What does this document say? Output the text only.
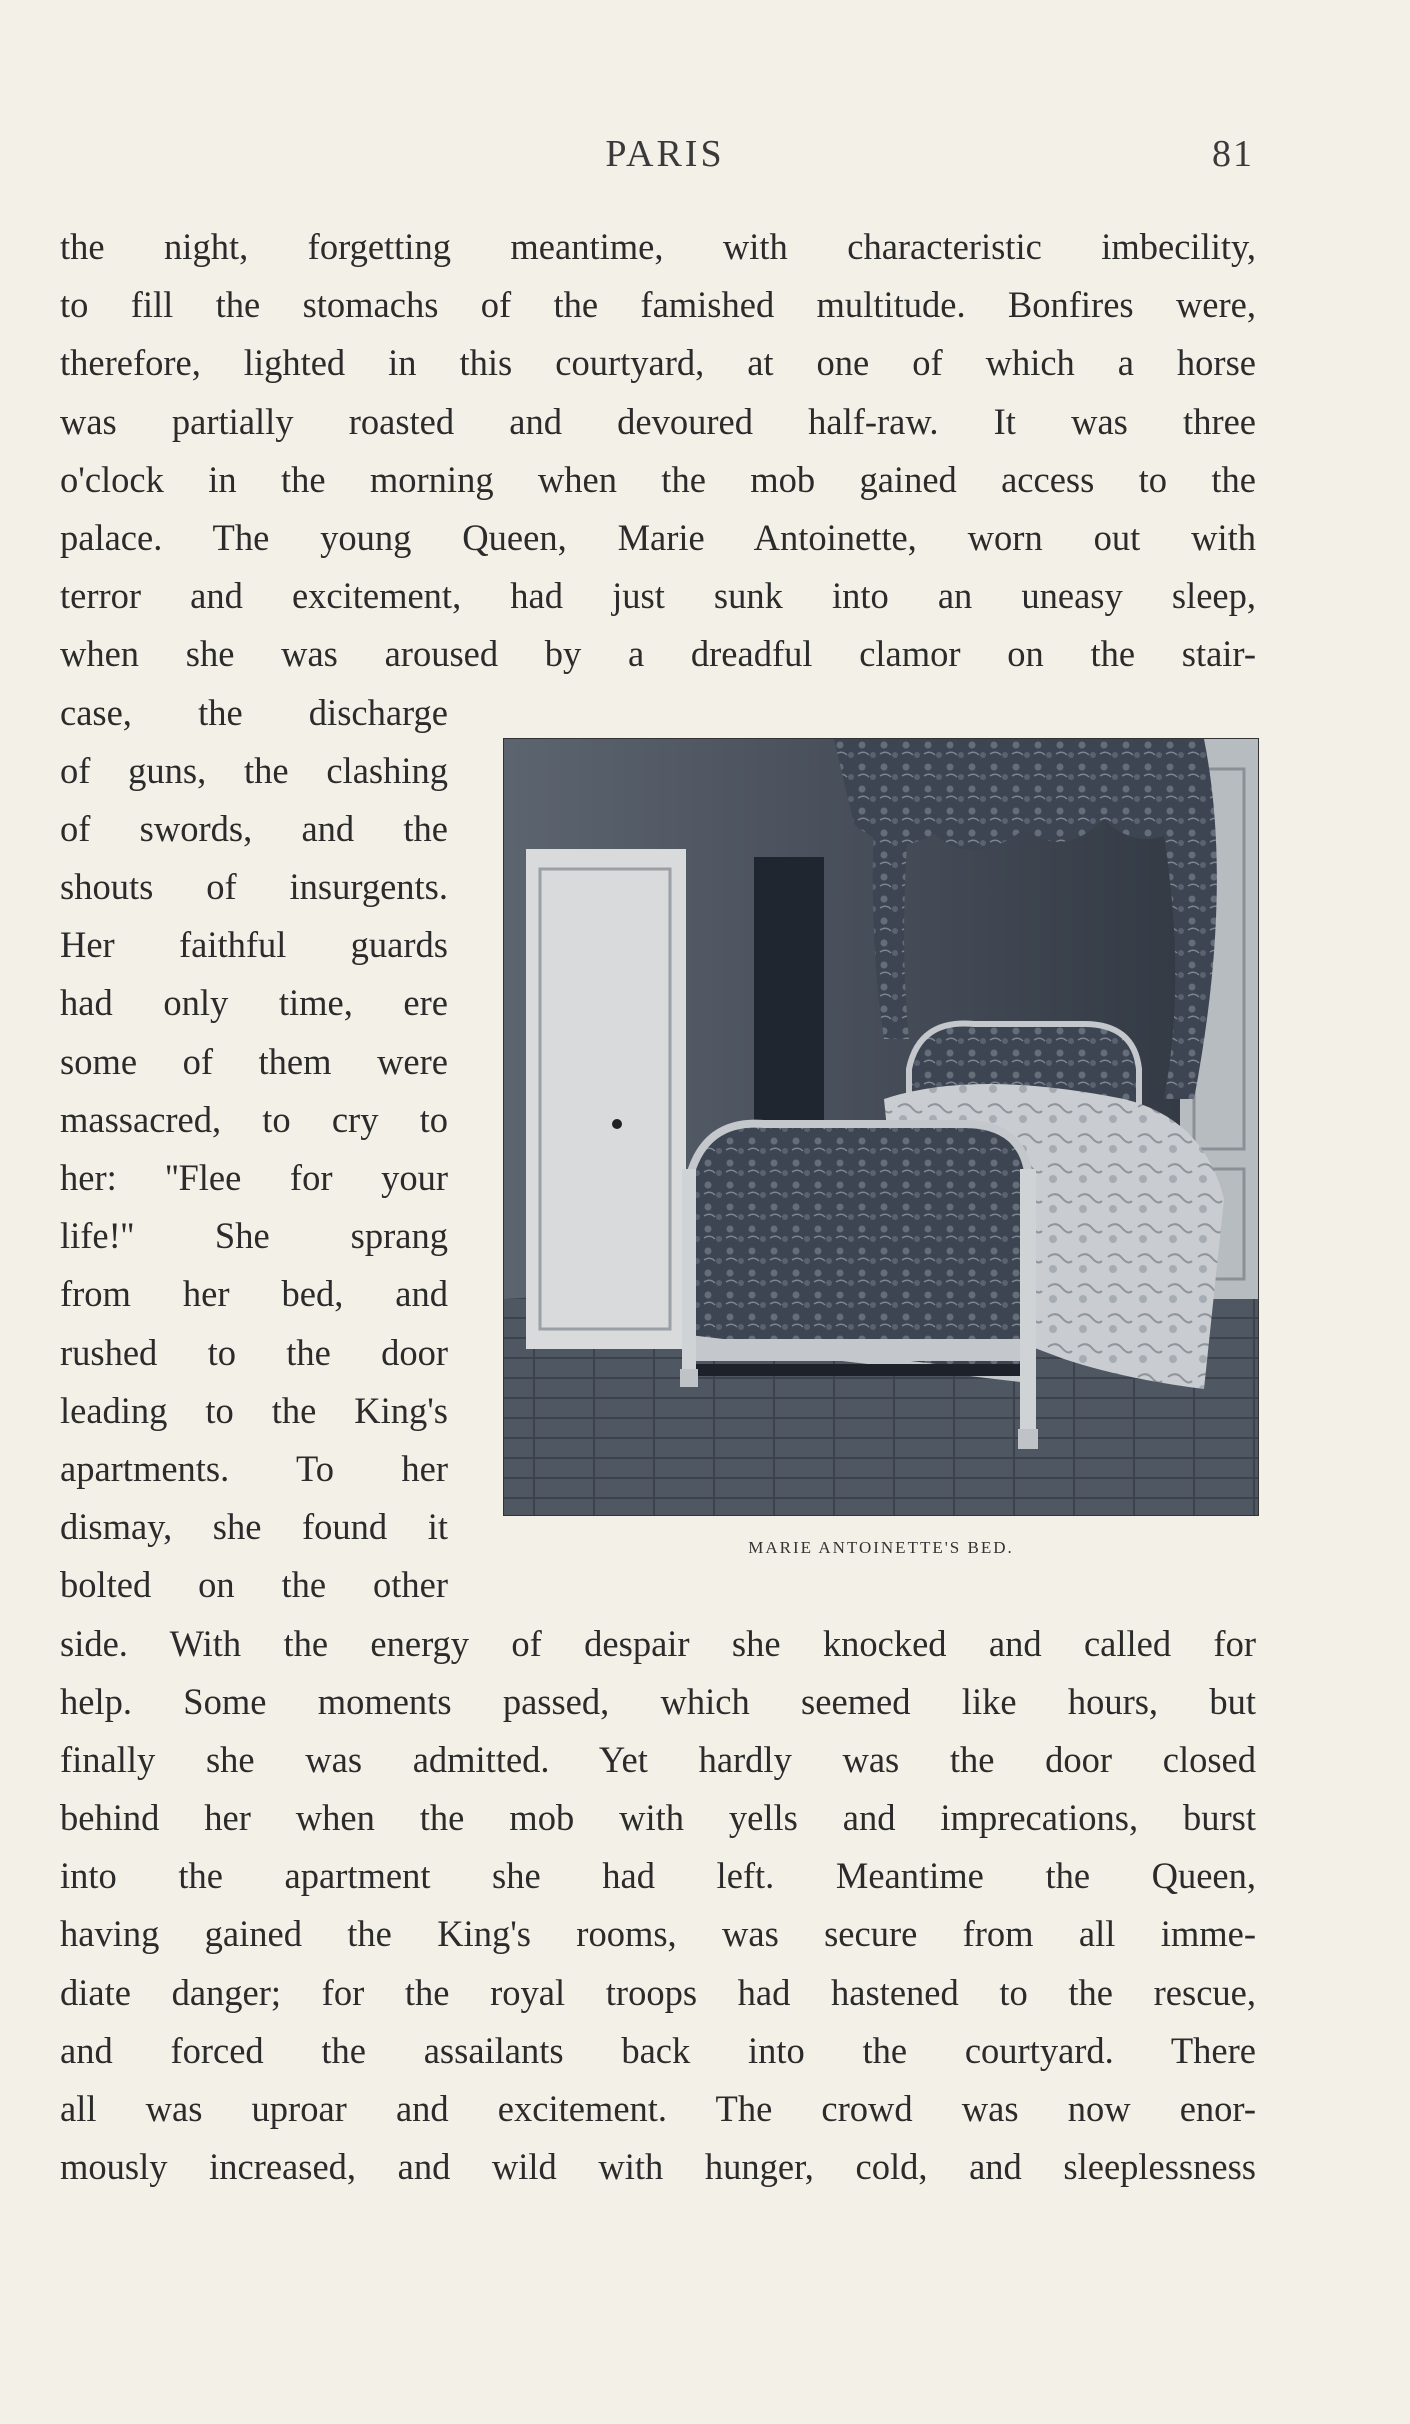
PARIS	81
the night, forgetting meantime, with characteristic imbecility,
to fill the stomachs of the famished multitude. Bonfires were,
therefore, lighted in this courtyard, at one of which a horse
was partially roasted and devoured half-raw. It was three
o'clock in the morning when the mob gained access to the
palace. The young Queen, Marie Antoinette, worn out with
terror and excitement, had just sunk into an uneasy sleep,
when she was aroused by a dreadful clamor on the stair-
case, the discharge
of guns, the clashing
of swords, and the
shouts of insurgents.
Her faithful guards
had only time, ere
some of them were
massacred, to cry to
her: ''Flee for your
life!'' She sprang
from her bed, and
rushed to the door
leading to the King's
apartments. To her
dismay, she found it
bolted on the other
side. With the energy of despair she knocked and called for
help. Some moments passed, which seemed like hours, but
finally she was admitted. Yet hardly was the door closed
behind her when the mob with yells and imprecations, burst
into the apartment she had left. Meantime the Queen,
having gained the King's rooms, was secure from all imme-
diate danger; for the royal troops had hastened to the rescue,
and forced the assailants back into the courtyard. There
all was uproar and excitement. The crowd was now enor-
mously increased, and wild with hunger, cold, and sleeplessness
MARIE ANTOINETTE'S BED.
